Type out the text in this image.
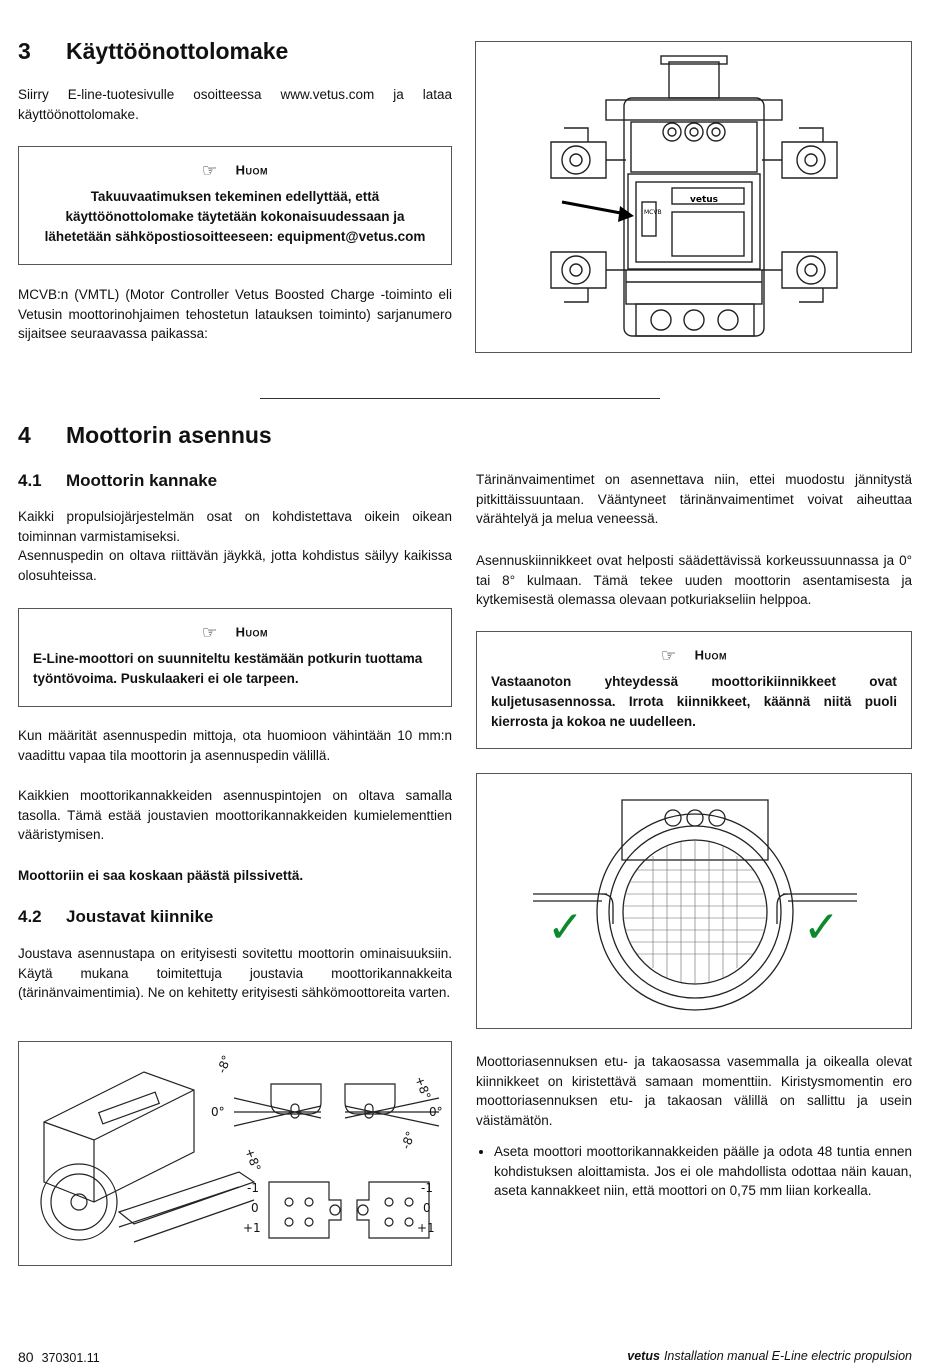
3 Käyttöönottolomake
Siirry E-line-tuotesivulle osoitteessa www.vetus.com ja lataa käyttöönottolomake.
☞ Huom
Takuuvaatimuksen tekeminen edellyttää, että käyttöönottolomake täytetään kokonaisuudessaan ja lähetetään sähköpostiosoitteeseen: equipment@vetus.com
MCVB:n (VMTL) (Motor Controller Vetus Boosted Charge -toiminto eli Vetusin moottorinohjaimen tehostetun latauksen toiminto) sarjanumero sijaitsee seuraavassa paikassa:
MCVB
vetus
4 Moottorin asennus
4.1 Moottorin kannake
Kaikki propulsiojärjestelmän osat on kohdistettava oikein oikean toiminnan varmistamiseksi.
Asennuspedin on oltava riittävän jäykkä, jotta kohdistus säilyy kaikissa olosuhteissa.
☞ Huom
E-Line-moottori on suunniteltu kestämään potkurin tuottama työntövoima. Puskulaakeri ei ole tarpeen.
Kun määrität asennuspedin mittoja, ota huomioon vähintään 10 mm:n vaadittu vapaa tila moottorin ja asennuspedin välillä.
Kaikkien moottorikannakkeiden asennuspintojen on oltava samalla tasolla. Tämä estää joustavien moottorikannakkeiden kumielementtien vääristymisen.
Moottoriin ei saa koskaan päästä pilssivettä.
4.2 Joustavat kiinnike
Joustava asennustapa on erityisesti sovitettu moottorin ominaisuuksiin. Käytä mukana toimitettuja joustavia moottorikannakkeita (tärinänvaimentimia). Ne on kehitetty erityisesti sähkömoottoreita varten.
-8°
0°
+8°
+8°
0°
-8°
-1
0
+1
-1
0
+1
Tärinänvaimentimet on asennettava niin, ettei muodostu jännitystä pitkittäissuuntaan. Vääntyneet tärinänvaimentimet voivat aiheuttaa värähtelyä ja melua veneessä.
Asennuskiinnikkeet ovat helposti säädettävissä korkeussuunnassa ja 0° tai 8° kulmaan. Tämä tekee uuden moottorin asentamisesta ja kytkemisestä olemassa olevaan potkuriakseliin helppoa.
☞ Huom
Vastaanoton yhteydessä moottorikiinnikkeet ovat kuljetusasennossa. Irrota kiinnikkeet, käännä niitä puoli kierrosta ja kokoa ne uudelleen.
✓	✓
Moottoriasennuksen etu- ja takaosassa vasemmalla ja oikealla olevat kiinnikkeet on kiristettävä samaan momenttiin. Kiristysmomentin ero moottoriasennuksen etu- ja takaosan välillä on sallittu ja usein väistämätön.
• Aseta moottori moottorikannakkeiden päälle ja odota 48 tuntia ennen kohdistuksen aloittamista. Jos ei ole mahdollista odottaa näin kauan, aseta kannakkeet niin, että moottori on 0,75 mm liian korkealla.
80 370301.11	vetus Installation manual E-Line electric propulsion
